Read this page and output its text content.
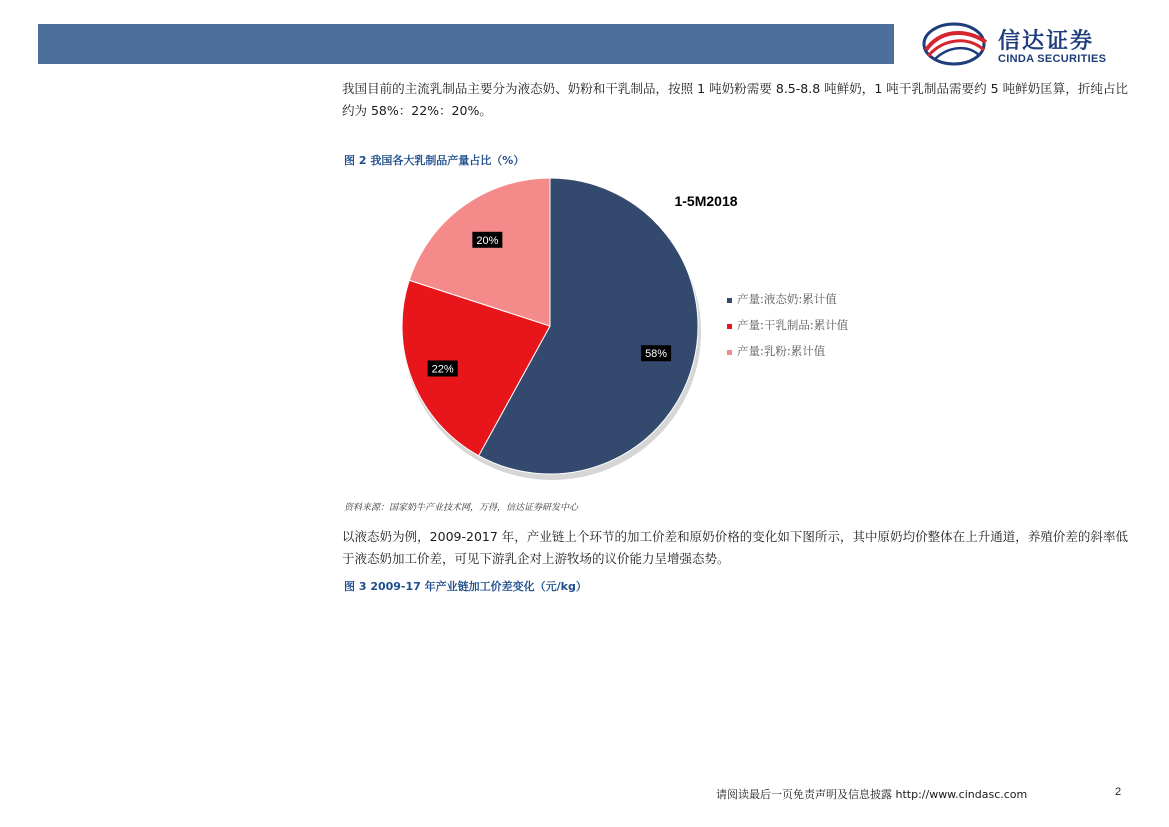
信达证券
CINDA SECURITIES

我国目前的主流乳制品主要分为液态奶、奶粉和干乳制品，按照 1 吨奶粉需要 8.5-8.8 吨鲜奶，1 吨干乳制品需要约 5 吨鲜奶匡算，折纯占比约为 58%：22%：20%。

图 2 我国各大乳制品产量占比（%）
58%
22%
20%
1-5M2018
产量:液态奶:累计值
产量:干乳制品:累计值
产量:乳粉:累计值
资料来源：国家奶牛产业技术网，万得，信达证券研发中心

以液态奶为例，2009-2017 年，产业链上个环节的加工价差和原奶价格的变化如下图所示，其中原奶均价整体在上升通道，养殖价差的斜率低于液态奶加工价差，可见下游乳企对上游牧场的议价能力呈增强态势。

图 3 2009-17 年产业链加工价差变化（元/kg）
请阅读最后一页免责声明及信息披露 http://www.cindasc.com	2
